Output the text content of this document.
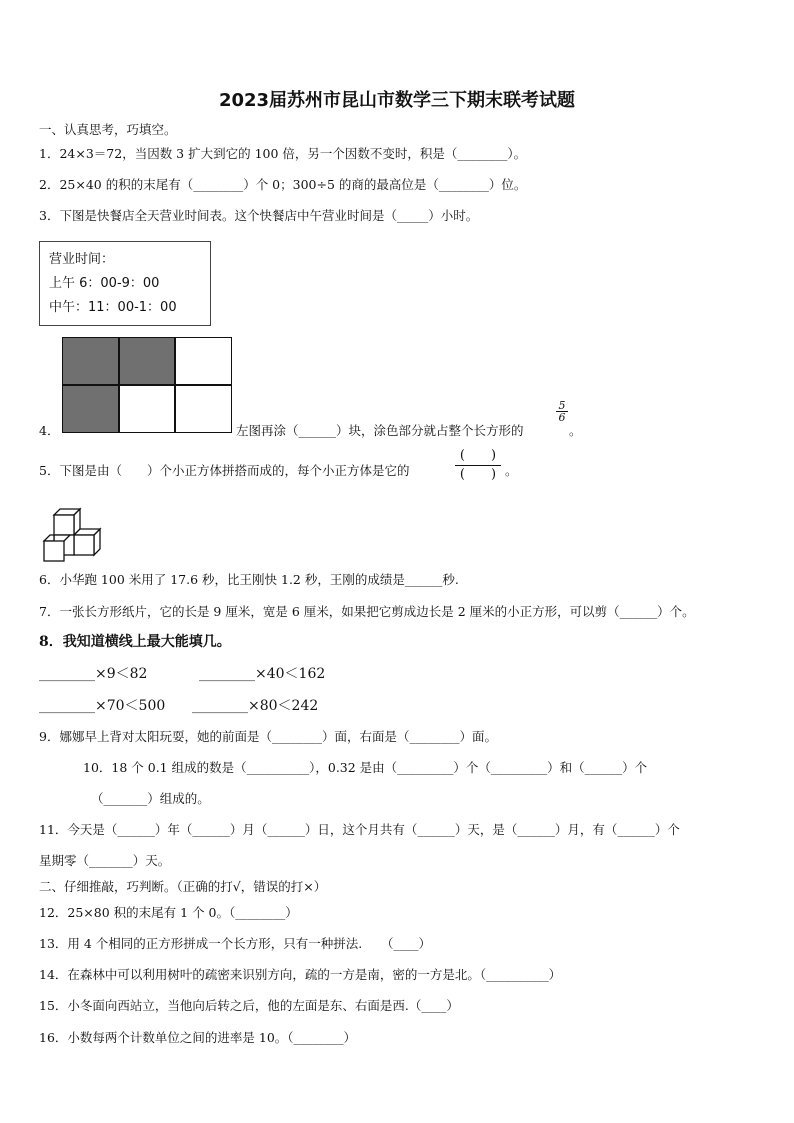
2023届苏州市昆山市数学三下期末联考试题
一、认真思考，巧填空。
1．24×3＝72，当因数 3 扩大到它的 100 倍，另一个因数不变时，积是（________）。
2．25×40 的积的末尾有（________）个 0；300÷5 的商的最高位是（________）位。
3．下图是快餐店全天营业时间表。这个快餐店中午营业时间是（_____）小时。
营业时间：
上午 6：00-9：00
中午：11：00-1：00
4．	左图再涂（______）块，涂色部分就占整个长方形的
$\frac{5}{6}$
。
5．下图是由（　　）个小正方体拼搭而成的，每个小正方体是它的
(　　)
(　　) 。
6．小华跑 100 米用了 17.6 秒，比王刚快 1.2 秒，王刚的成绩是______秒.
7．一张长方形纸片，它的长是 9 厘米，宽是 6 厘米，如果把它剪成边长是 2 厘米的小正方形，可以剪（______）个。
8．我知道横线上最大能填几。
________×9＜82	________×40＜162
________×70＜500 ________×80＜242
9．娜娜早上背对太阳玩耍，她的前面是（________）面，右面是（________）面。
10．18 个 0.1 组成的数是（__________），0.32 是由（_________）个（_________）和（______）个
（_______）组成的。
11．今天是（______）年（______）月（______）日，这个月共有（______）天，是（______）月，有（______）个
星期零（_______）天。
二、仔细推敲，巧判断。（正确的打√，错误的打×）
12．25×80 积的末尾有 1 个 0。（________）
13．用 4 个相同的正方形拼成一个长方形，只有一种拼法.　　（____）
14．在森林中可以利用树叶的疏密来识别方向，疏的一方是南，密的一方是北。（__________）
15．小冬面向西站立，当他向后转之后，他的左面是东、右面是西.（____）
16．小数每两个计数单位之间的进率是 10。（________）
